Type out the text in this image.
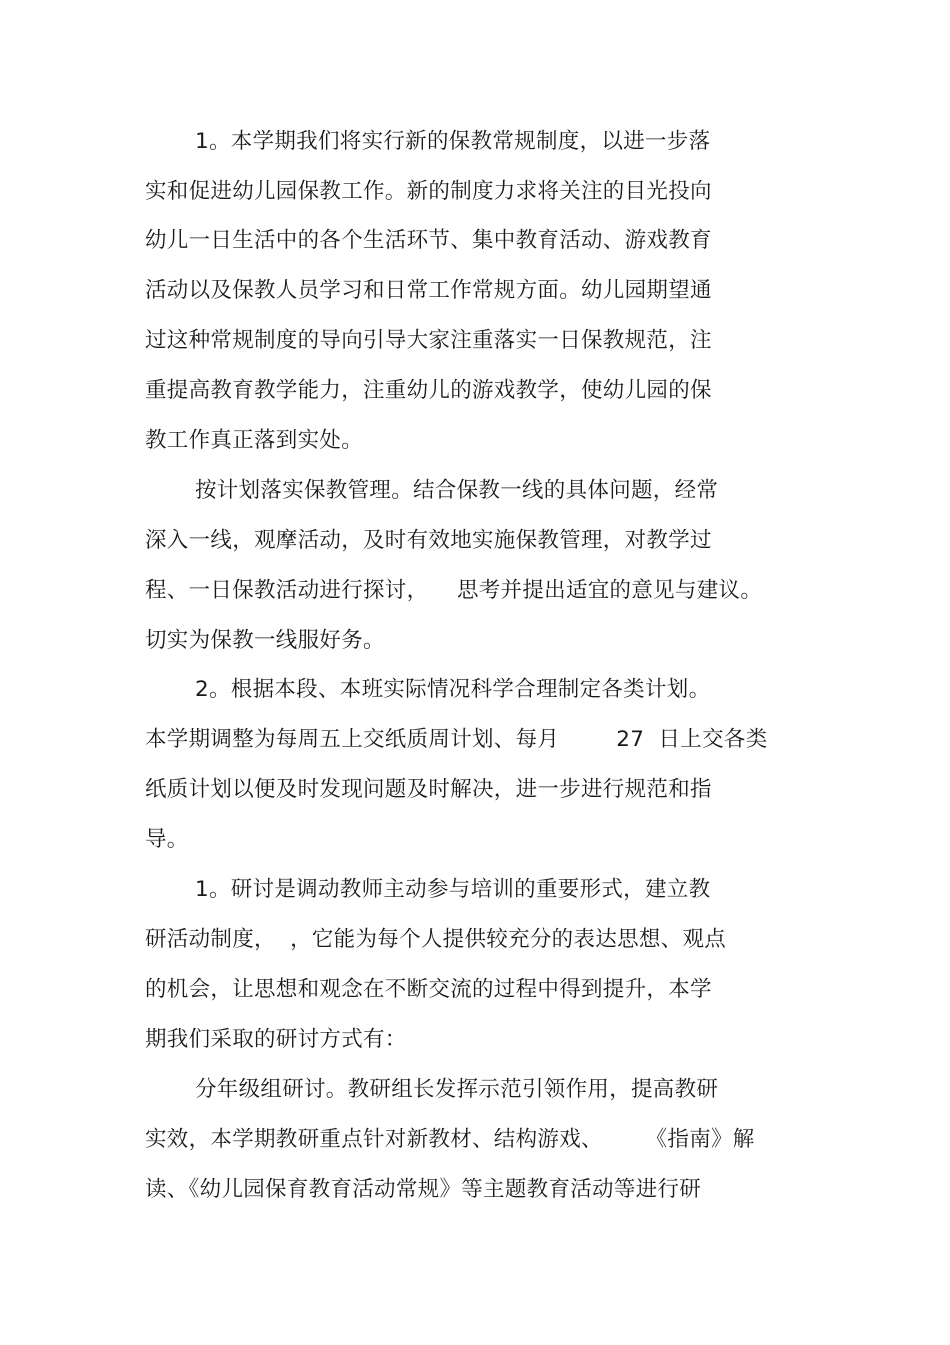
1。本学期我们将实行新的保教常规制度，以进一步落
实和促进幼儿园保教工作。新的制度力求将关注的目光投向
幼儿一日生活中的各个生活环节、集中教育活动、游戏教育
活动以及保教人员学习和日常工作常规方面。幼儿园期望通
过这种常规制度的导向引导大家注重落实一日保教规范，注
重提高教育教学能力，注重幼儿的游戏教学，使幼儿园的保
教工作真正落到实处。
按计划落实保教管理。结合保教一线的具体问题，经常
深入一线，观摩活动，及时有效地实施保教管理，对教学过
程、一日保教活动进行探讨，    思考并提出适宜的意见与建议。
切实为保教一线服好务。
2。根据本段、本班实际情况科学合理制定各类计划。
本学期调整为每周五上交纸质周计划、每月        27  日上交各类
纸质计划以便及时发现问题及时解决，进一步进行规范和指
导。
1。研讨是调动教师主动参与培训的重要形式，建立教
研活动制度，  ，它能为每个人提供较充分的表达思想、观点
的机会，让思想和观念在不断交流的过程中得到提升，本学
期我们采取的研讨方式有：
分年级组研讨。教研组长发挥示范引领作用，提高教研
实效，本学期教研重点针对新教材、结构游戏、      《指南》解
读、《幼儿园保育教育活动常规》等主题教育活动等进行研
